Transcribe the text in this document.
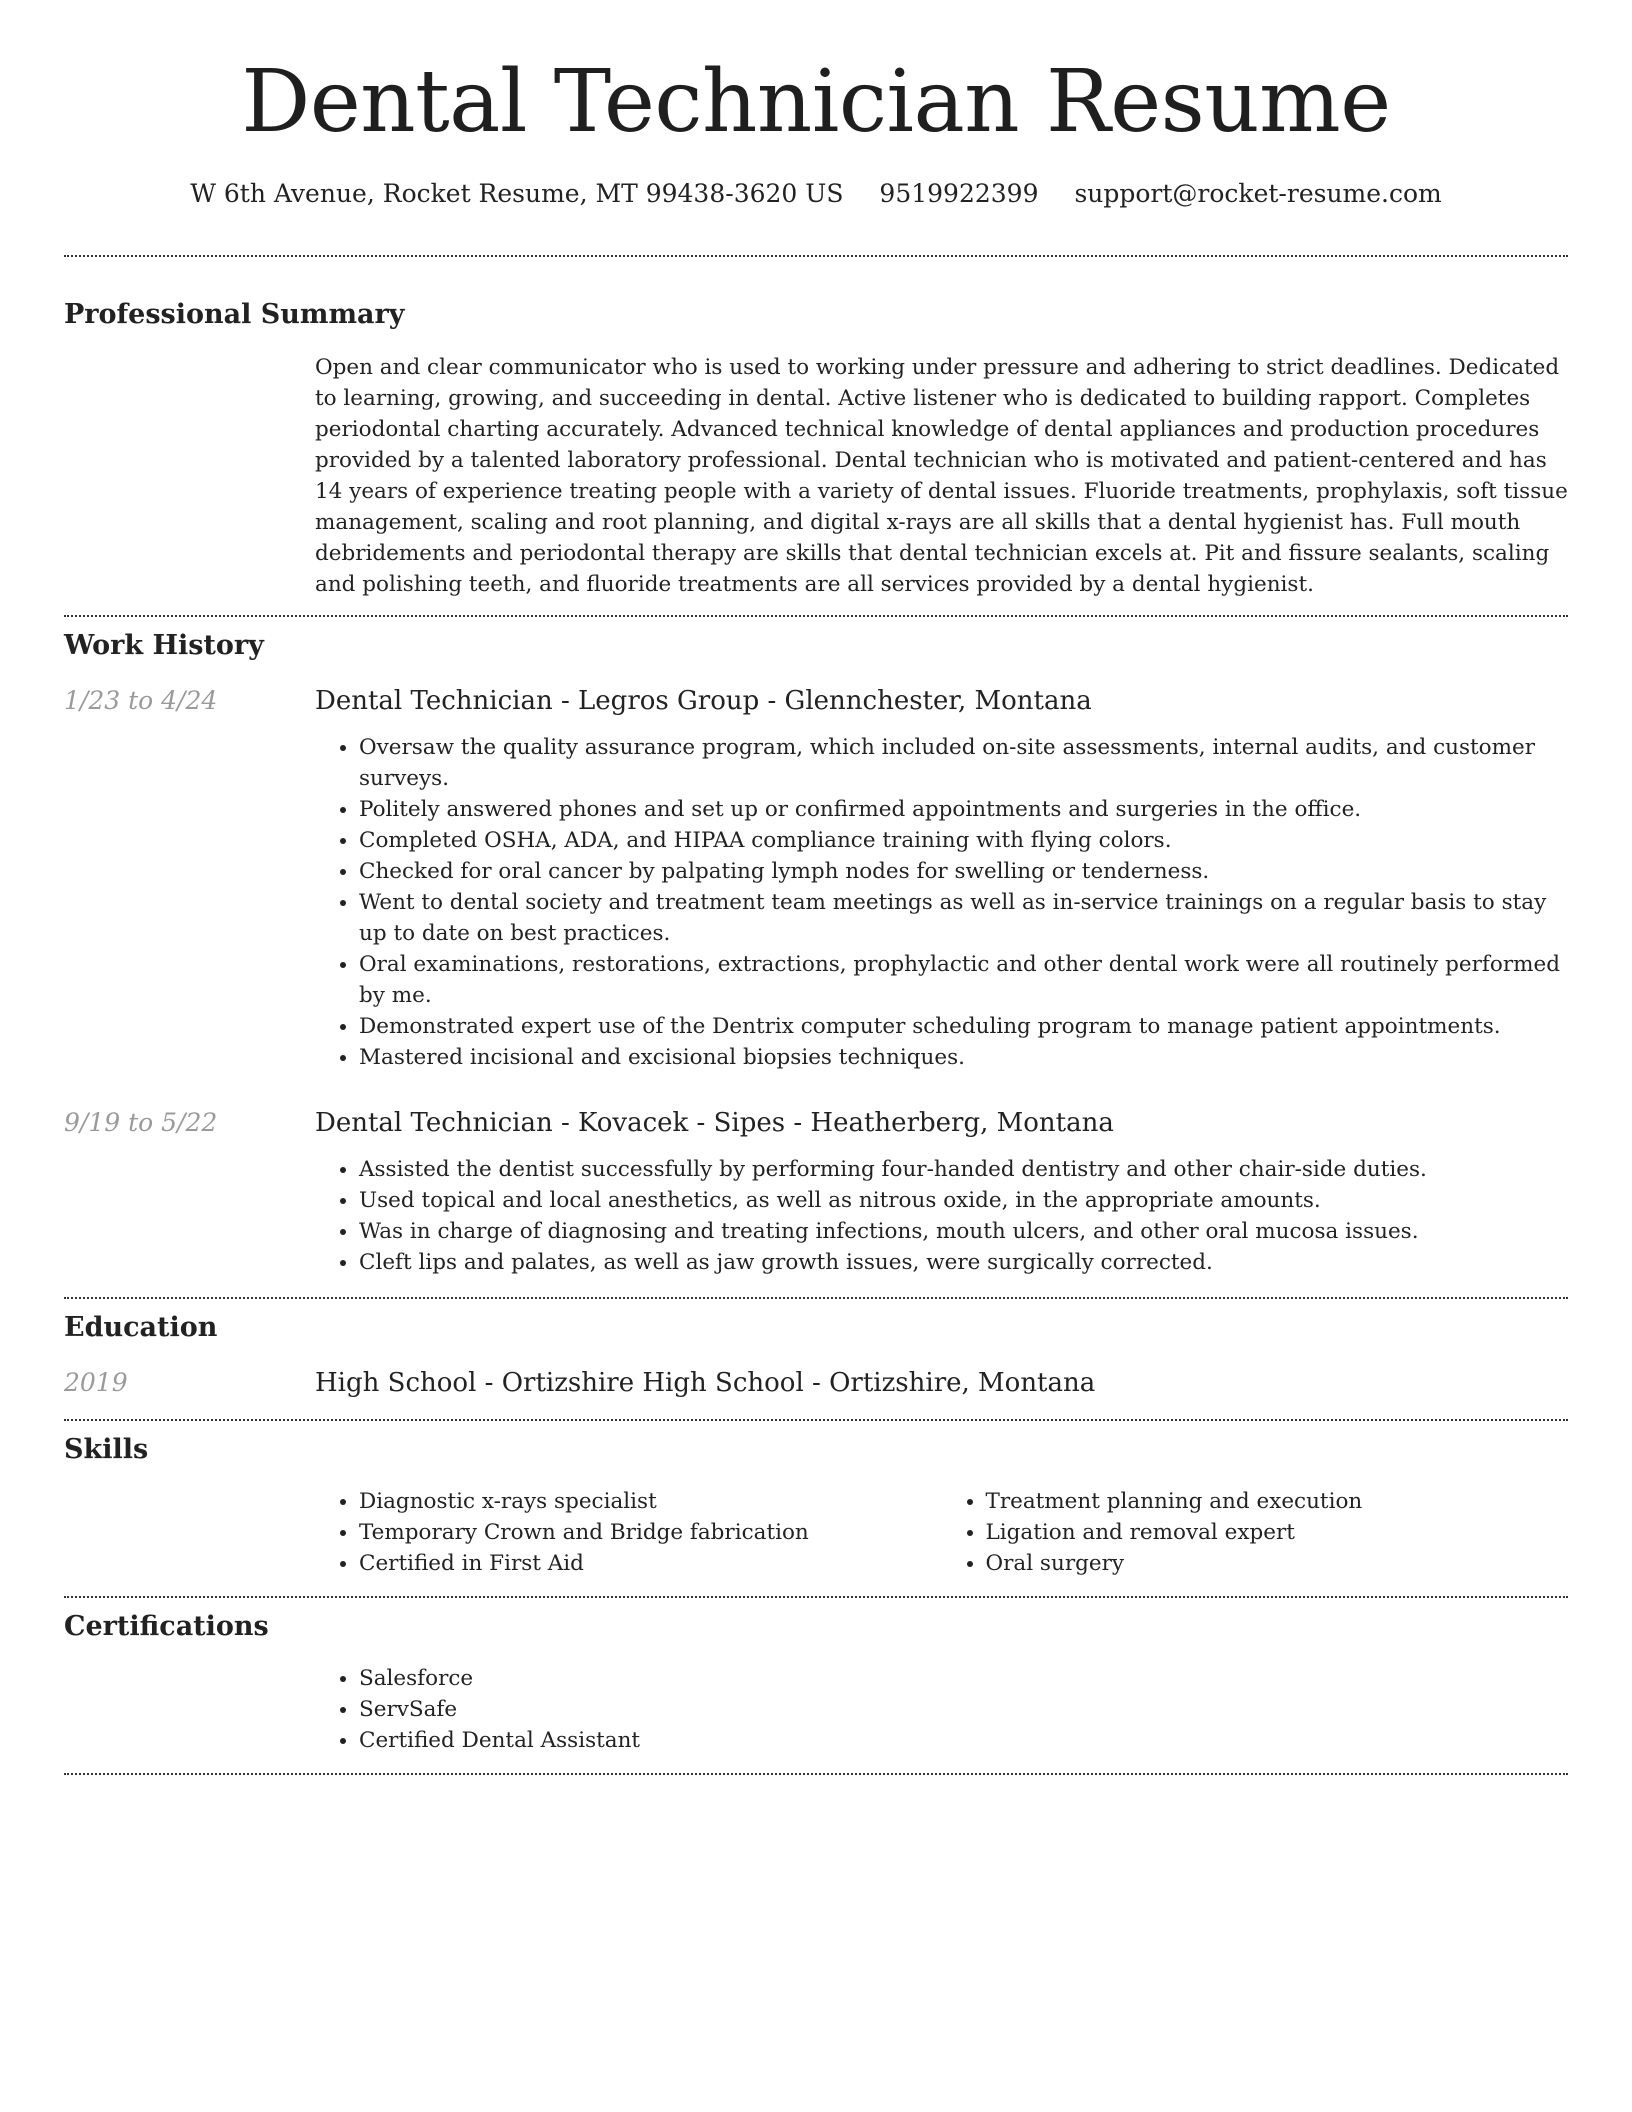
Dental Technician Resume
W 6th Avenue, Rocket Resume, MT 99438-3620 US 9519922399 support@rocket-resume.com
Professional Summary

Open and clear communicator who is used to working under pressure and adhering to strict deadlines. Dedicated to learning, growing, and succeeding in dental. Active listener who is dedicated to building rapport. Completes periodontal charting accurately. Advanced technical knowledge of dental appliances and production procedures provided by a talented laboratory professional. Dental technician who is motivated and patient-centered and has 14 years of experience treating people with a variety of dental issues. Fluoride treatments, prophylaxis, soft tissue management, scaling and root planning, and digital x-rays are all skills that a dental hygienist has. Full mouth debridements and periodontal therapy are skills that dental technician excels at. Pit and fissure sealants, scaling and polishing teeth, and fluoride treatments are all services provided by a dental hygienist.

Work History
1/23 to 4/24	Dental Technician - Legros Group - Glennchester, Montana
• Oversaw the quality assurance program, which included on-site assessments, internal audits, and customer surveys.
• Politely answered phones and set up or confirmed appointments and surgeries in the office.
• Completed OSHA, ADA, and HIPAA compliance training with flying colors.
• Checked for oral cancer by palpating lymph nodes for swelling or tenderness.
• Went to dental society and treatment team meetings as well as in-service trainings on a regular basis to stay up to date on best practices.
• Oral examinations, restorations, extractions, prophylactic and other dental work were all routinely performed by me.
• Demonstrated expert use of the Dentrix computer scheduling program to manage patient appointments.
• Mastered incisional and excisional biopsies techniques.
9/19 to 5/22	Dental Technician - Kovacek - Sipes - Heatherberg, Montana
• Assisted the dentist successfully by performing four-handed dentistry and other chair-side duties.
• Used topical and local anesthetics, as well as nitrous oxide, in the appropriate amounts.
• Was in charge of diagnosing and treating infections, mouth ulcers, and other oral mucosa issues.
• Cleft lips and palates, as well as jaw growth issues, were surgically corrected.
Education
2019	High School - Ortizshire High School - Ortizshire, Montana
Skills
• Diagnostic x-rays specialist
• Temporary Crown and Bridge fabrication
• Certified in First Aid
• Treatment planning and execution
• Ligation and removal expert
• Oral surgery
Certifications
• Salesforce
• ServSafe
• Certified Dental Assistant
